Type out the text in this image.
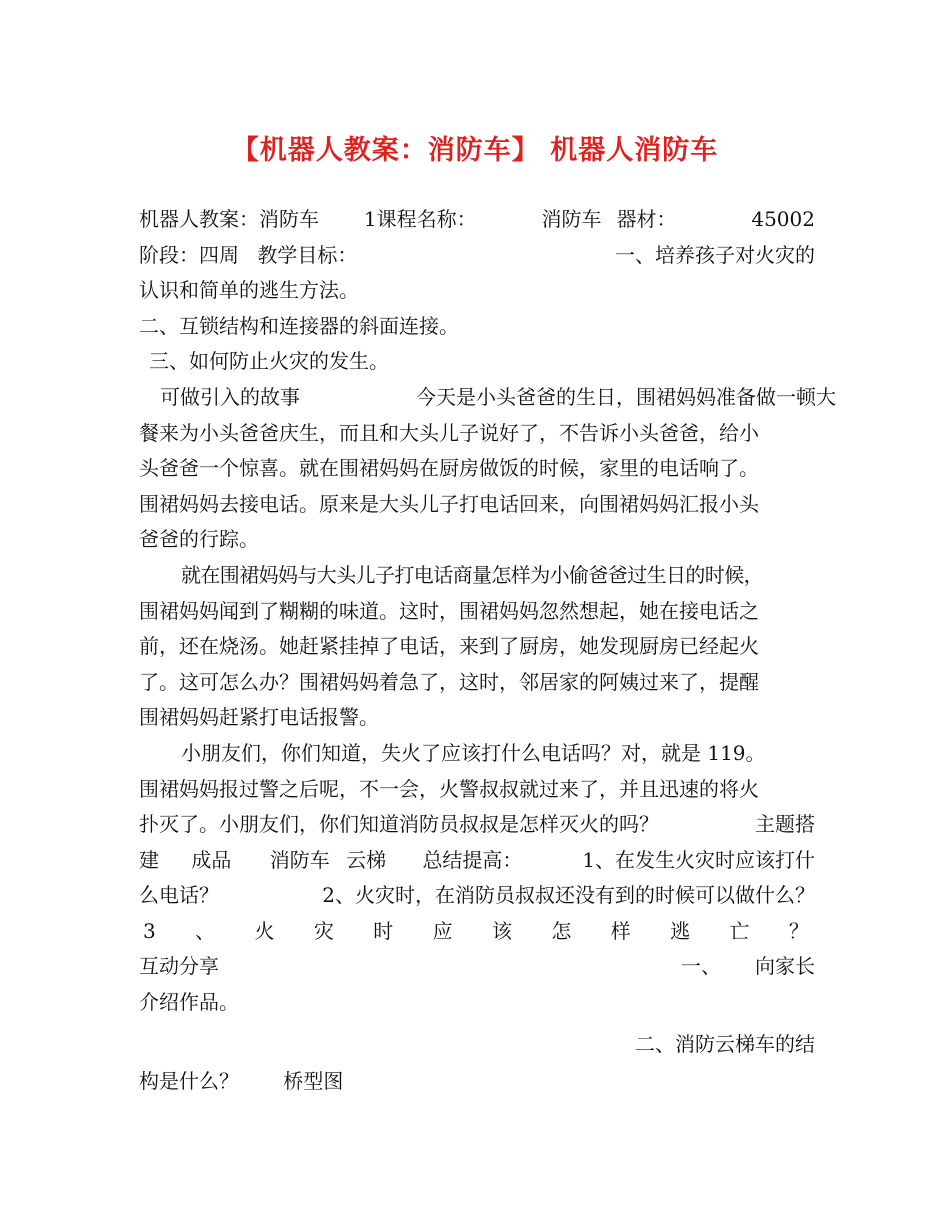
【机器人教案：消防车】 机器人消防车
机器人教案：消防车 1课程名称：	消防车 器材：	45002
阶段：四周 教学目标：	一、培养孩子对火灾的
认识和简单的逃生方法。
二、互锁结构和连接器的斜面连接。
三、如何防止火灾的发生。
可做引入的故事	今天是小头爸爸的生日，围裙妈妈准备做一顿大
餐来为小头爸爸庆生，而且和大头儿子说好了，不告诉小头爸爸，给小
头爸爸一个惊喜。就在围裙妈妈在厨房做饭的时候，家里的电话响了。
围裙妈妈去接电话。原来是大头儿子打电话回来，向围裙妈妈汇报小头
爸爸的行踪。
就在围裙妈妈与大头儿子打电话商量怎样为小偷爸爸过生日的时候，
围裙妈妈闻到了糊糊的味道。这时，围裙妈妈忽然想起，她在接电话之
前，还在烧汤。她赶紧挂掉了电话，来到了厨房，她发现厨房已经起火
了。这可怎么办？围裙妈妈着急了，这时，邻居家的阿姨过来了，提醒
围裙妈妈赶紧打电话报警。
小朋友们，你们知道，失火了应该打什么电话吗？对，就是 119。
围裙妈妈报过警之后呢，不一会，火警叔叔就过来了，并且迅速的将火
扑灭了。小朋友们，你们知道消防员叔叔是怎样灭火的吗？	主题搭
建 成品 消防车 云梯 总结提高：	1、在发生火灾时应该打什
么电话？	2、火灾时，在消防员叔叔还没有到的时候可以做什么？
3 、 火 灾 时 应 该 怎 样 逃 亡 ？
互动分享	一、 向家长
介绍作品。
二、消防云梯车的结
构是什么？ 桥型图
